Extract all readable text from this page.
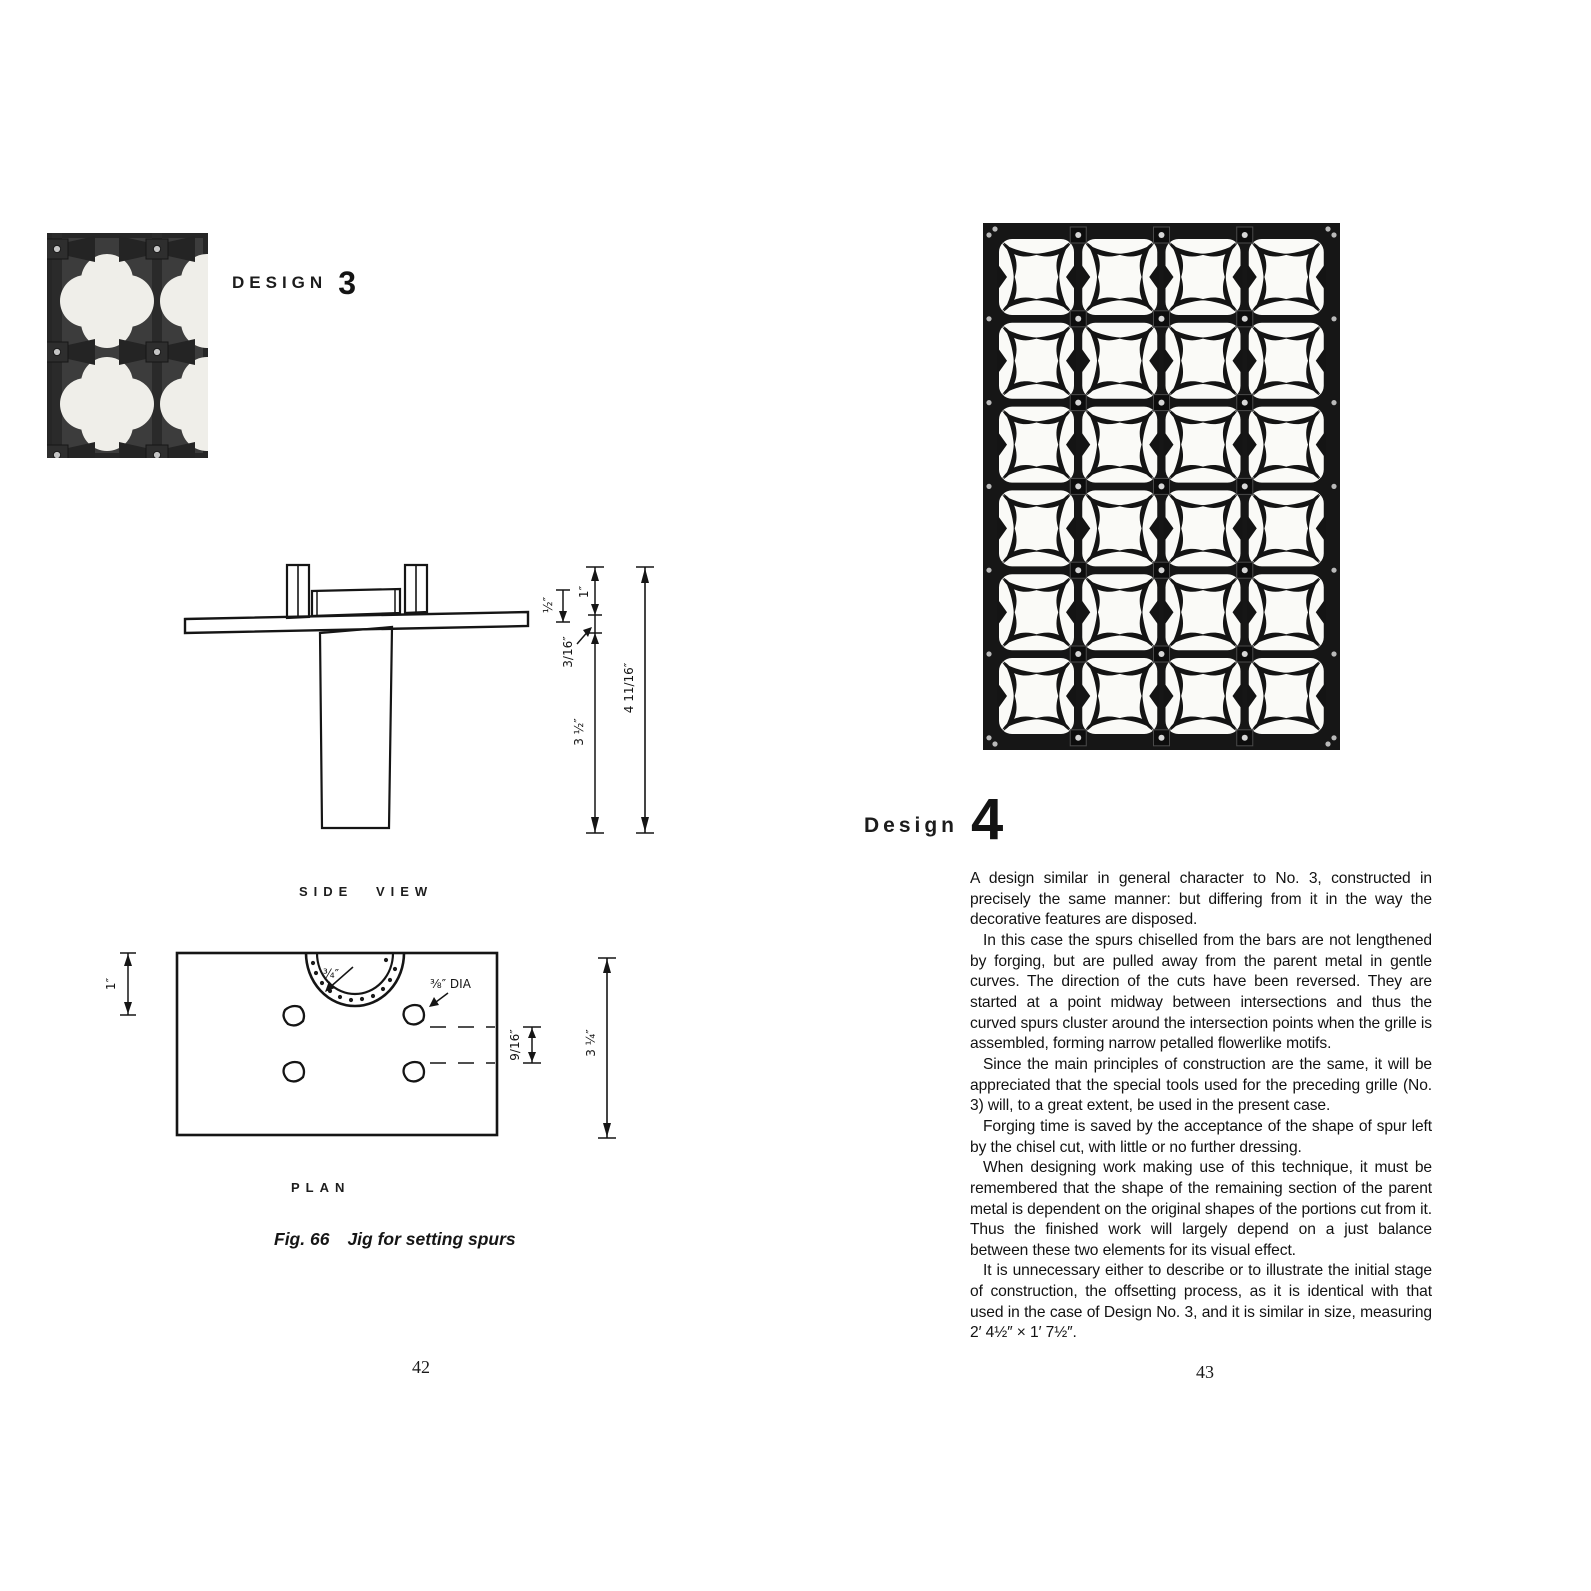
DESIGN 3
½″
1″
3/16″
3 ½″
4 11/16″
SIDE VIEW
¾″
⅜″ DIA
9/16″
1″
3 ¼″
PLAN
Fig. 66 Jig for setting spurs
42
Design 4

A design similar in general character to No. 3, constructed in precisely the same manner: but differing from it in the way the decorative features are disposed.

In this case the spurs chiselled from the bars are not lengthened by forging, but are pulled away from the parent metal in gentle curves. The direction of the cuts have been reversed. They are started at a point midway between intersections and thus the curved spurs cluster around the intersection points when the grille is assembled, forming narrow petalled flowerlike motifs.

Since the main principles of construction are the same, it will be appreciated that the special tools used for the preceding grille (No. 3) will, to a great extent, be used in the present case.

Forging time is saved by the acceptance of the shape of spur left by the chisel cut, with little or no further dressing.

When designing work making use of this technique, it must be remembered that the shape of the remaining section of the parent metal is dependent on the original shapes of the portions cut from it. Thus the finished work will largely depend on a just balance between these two elements for its visual effect.

It is unnecessary either to describe or to illustrate the initial stage of construction, the offsetting process, as it is identical with that used in the case of Design No. 3, and it is similar in size, measuring 2′ 4½″ × 1′ 7½″.

43
